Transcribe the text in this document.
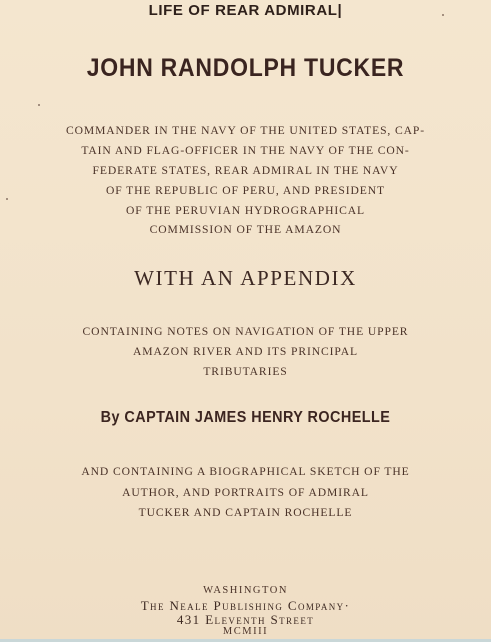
LIFE OF REAR ADMIRAL|
JOHN RANDOLPH TUCKER
COMMANDER IN THE NAVY OF THE UNITED STATES, CAP-
TAIN AND FLAG-OFFICER IN THE NAVY OF THE CON-
FEDERATE STATES, REAR ADMIRAL IN THE NAVY
OF THE REPUBLIC OF PERU, AND PRESIDENT
OF THE PERUVIAN HYDROGRAPHICAL
COMMISSION OF THE AMAZON
WITH AN APPENDIX
CONTAINING NOTES ON NAVIGATION OF THE UPPER
AMAZON RIVER AND ITS PRINCIPAL
TRIBUTARIES
By CAPTAIN JAMES HENRY ROCHELLE
AND CONTAINING A BIOGRAPHICAL SKETCH OF THE
AUTHOR, AND PORTRAITS OF ADMIRAL
TUCKER AND CAPTAIN ROCHELLE
WASHINGTON
The Neale Publishing Company·
431 Eleventh Street
MCMIII
